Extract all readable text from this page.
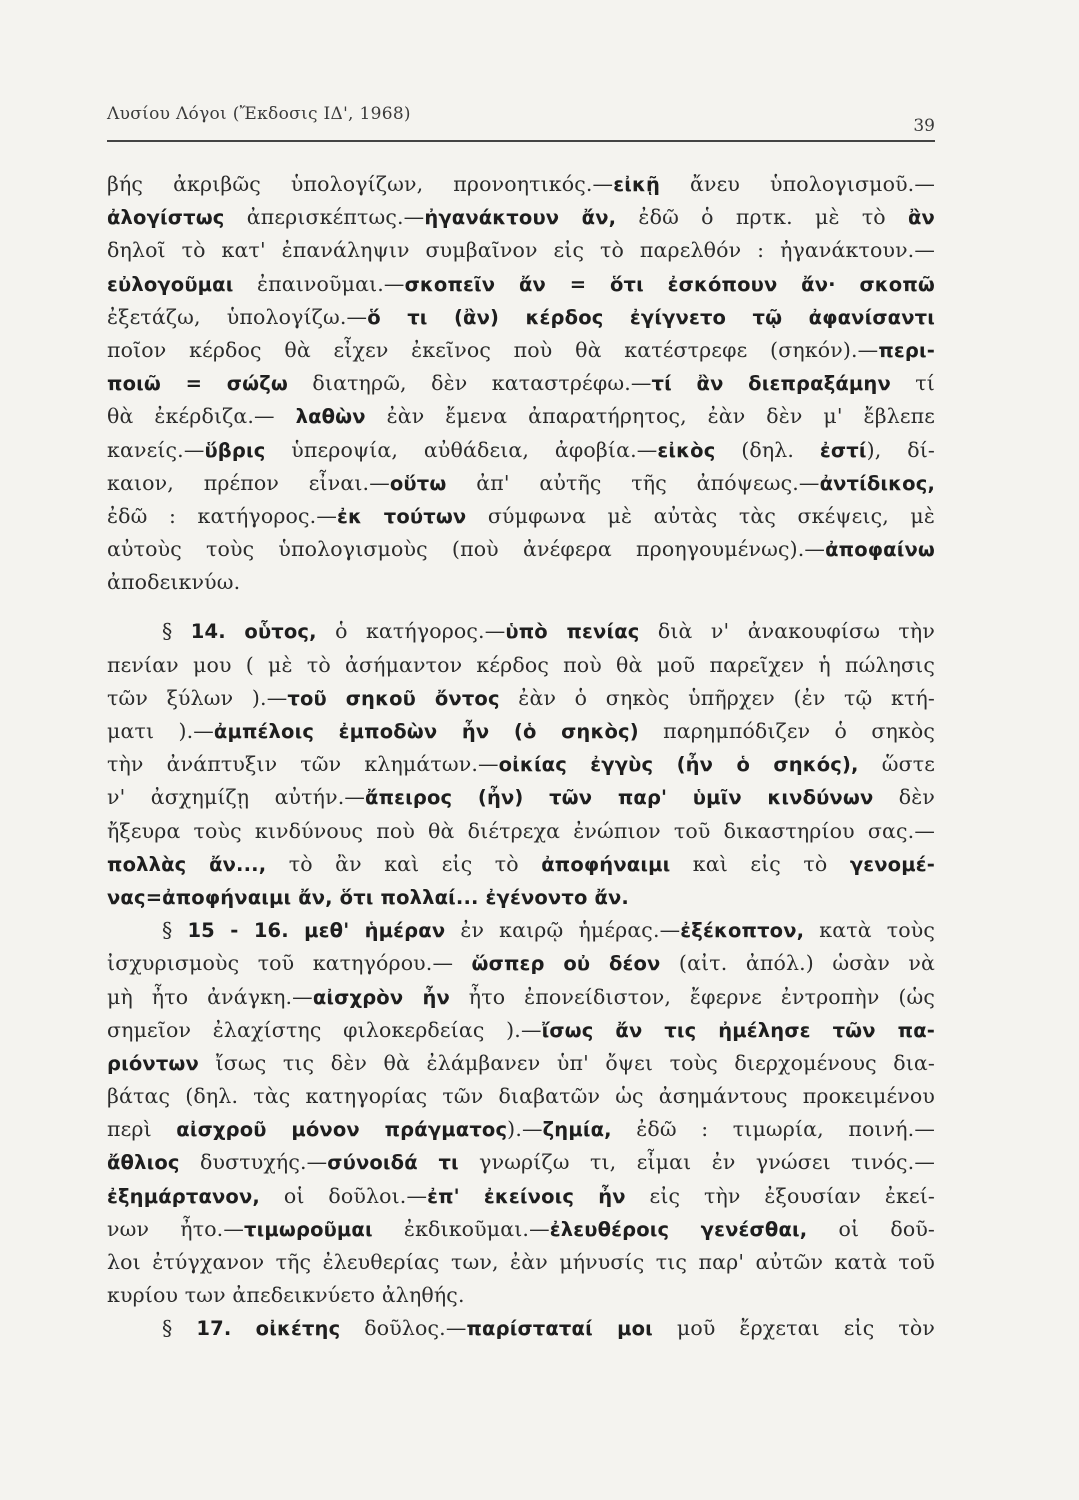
Λυσίου Λόγοι (Ἔκδοσις ΙΔ', 1968)
39
βής ἀκριβῶς ὑπολογίζων, προνοητικός.—εἰκῇ ἄνευ ὑπολογισμοῦ.—
ἀλογίστως ἀπερισκέπτως.—ἠγανάκτουν ἄν, ἐδῶ ὁ πρτκ. μὲ τὸ ἂν
δηλοῖ τὸ κατ' ἐπανάληψιν συμβαῖνον εἰς τὸ παρελθόν : ἠγανάκτουν.—
εὐλογοῦμαι ἐπαινοῦμαι.—σκοπεῖν ἄν = ὅτι ἐσκόπουν ἄν· σκοπῶ
ἐξετάζω, ὑπολογίζω.—ὅ τι (ἂν) κέρδος ἐγίγνετο τῷ ἀφανίσαντι
ποῖον κέρδος θὰ εἶχεν ἐκεῖνος ποὺ θὰ κατέστρεφε (σηκόν).—περι-
ποιῶ = σώζω διατηρῶ, δὲν καταστρέφω.—τί ἂν διεπραξάμην τί
θὰ ἐκέρδιζα.— λαθὼν ἐὰν ἔμενα ἀπαρατήρητος, ἐὰν δὲν μ' ἔβλεπε
κανείς.—ὕβρις ὑπεροψία, αὐθάδεια, ἀφοβία.—εἰκὸς (δηλ. ἐστί), δί-
καιον, πρέπον εἶναι.—οὕτω ἀπ' αὐτῆς τῆς ἀπόψεως.—ἀντίδικος,
ἐδῶ : κατήγορος.—ἐκ τούτων σύμφωνα μὲ αὐτὰς τὰς σκέψεις, μὲ
αὐτοὺς τοὺς ὑπολογισμοὺς (ποὺ ἀνέφερα προηγουμένως).—ἀποφαίνω
ἀποδεικνύω.
§ 14. οὗτος, ὁ κατήγορος.—ὑπὸ πενίας διὰ ν' ἀνακουφίσω τὴν
πενίαν μου ( μὲ τὸ ἀσήμαντον κέρδος ποὺ θὰ μοῦ παρεῖχεν ἡ πώλησις
τῶν ξύλων ).—τοῦ σηκοῦ ὄντος ἐὰν ὁ σηκὸς ὑπῆρχεν (ἐν τῷ κτή-
ματι ).—ἀμπέλοις ἐμποδὼν ἦν (ὁ σηκὸς) παρημπόδιζεν ὁ σηκὸς
τὴν ἀνάπτυξιν τῶν κλημάτων.—οἰκίας ἐγγὺς (ἦν ὁ σηκός), ὥστε
ν' ἀσχημίζῃ αὐτήν.—ἄπειρος (ἦν) τῶν παρ' ὑμῖν κινδύνων δὲν
ἤξευρα τοὺς κινδύνους ποὺ θὰ διέτρεχα ἐνώπιον τοῦ δικαστηρίου σας.—
πολλὰς ἄν..., τὸ ἂν καὶ εἰς τὸ ἀποφήναιμι καὶ εἰς τὸ γενομέ-
νας=ἀποφήναιμι ἄν, ὅτι πολλαί... ἐγένοντο ἄν.
§ 15 - 16. μεθ' ἡμέραν ἐν καιρῷ ἡμέρας.—ἐξέκοπτον, κατὰ τοὺς
ἰσχυρισμοὺς τοῦ κατηγόρου.— ὥσπερ οὐ δέον (αἰτ. ἀπόλ.) ὡσὰν νὰ
μὴ ἦτο ἀνάγκη.—αἰσχρὸν ἦν ἦτο ἐπονείδιστον, ἔφερνε ἐντροπὴν (ὡς
σημεῖον ἐλαχίστης φιλοκερδείας ).—ἴσως ἄν τις ἠμέλησε τῶν πα-
ριόντων ἴσως τις δὲν θὰ ἐλάμβανεν ὑπ' ὄψει τοὺς διερχομένους δια-
βάτας (δηλ. τὰς κατηγορίας τῶν διαβατῶν ὡς ἀσημάντους προκειμένου
περὶ αἰσχροῦ μόνον πράγματος).—ζημία, ἐδῶ : τιμωρία, ποινή.—
ἄθλιος δυστυχής.—σύνοιδά τι γνωρίζω τι, εἶμαι ἐν γνώσει τινός.—
ἐξημάρτανον, οἱ δοῦλοι.—ἐπ' ἐκείνοις ἦν εἰς τὴν ἐξουσίαν ἐκεί-
νων ἦτο.—τιμωροῦμαι ἐκδικοῦμαι.—ἐλευθέροις γενέσθαι, οἱ δοῦ-
λοι ἐτύγχανον τῆς ἐλευθερίας των, ἐὰν μήνυσίς τις παρ' αὐτῶν κατὰ τοῦ
κυρίου των ἀπεδεικνύετο ἀληθής.
§ 17. οἰκέτης δοῦλος.—παρίσταταί μοι μοῦ ἔρχεται εἰς τὸν
